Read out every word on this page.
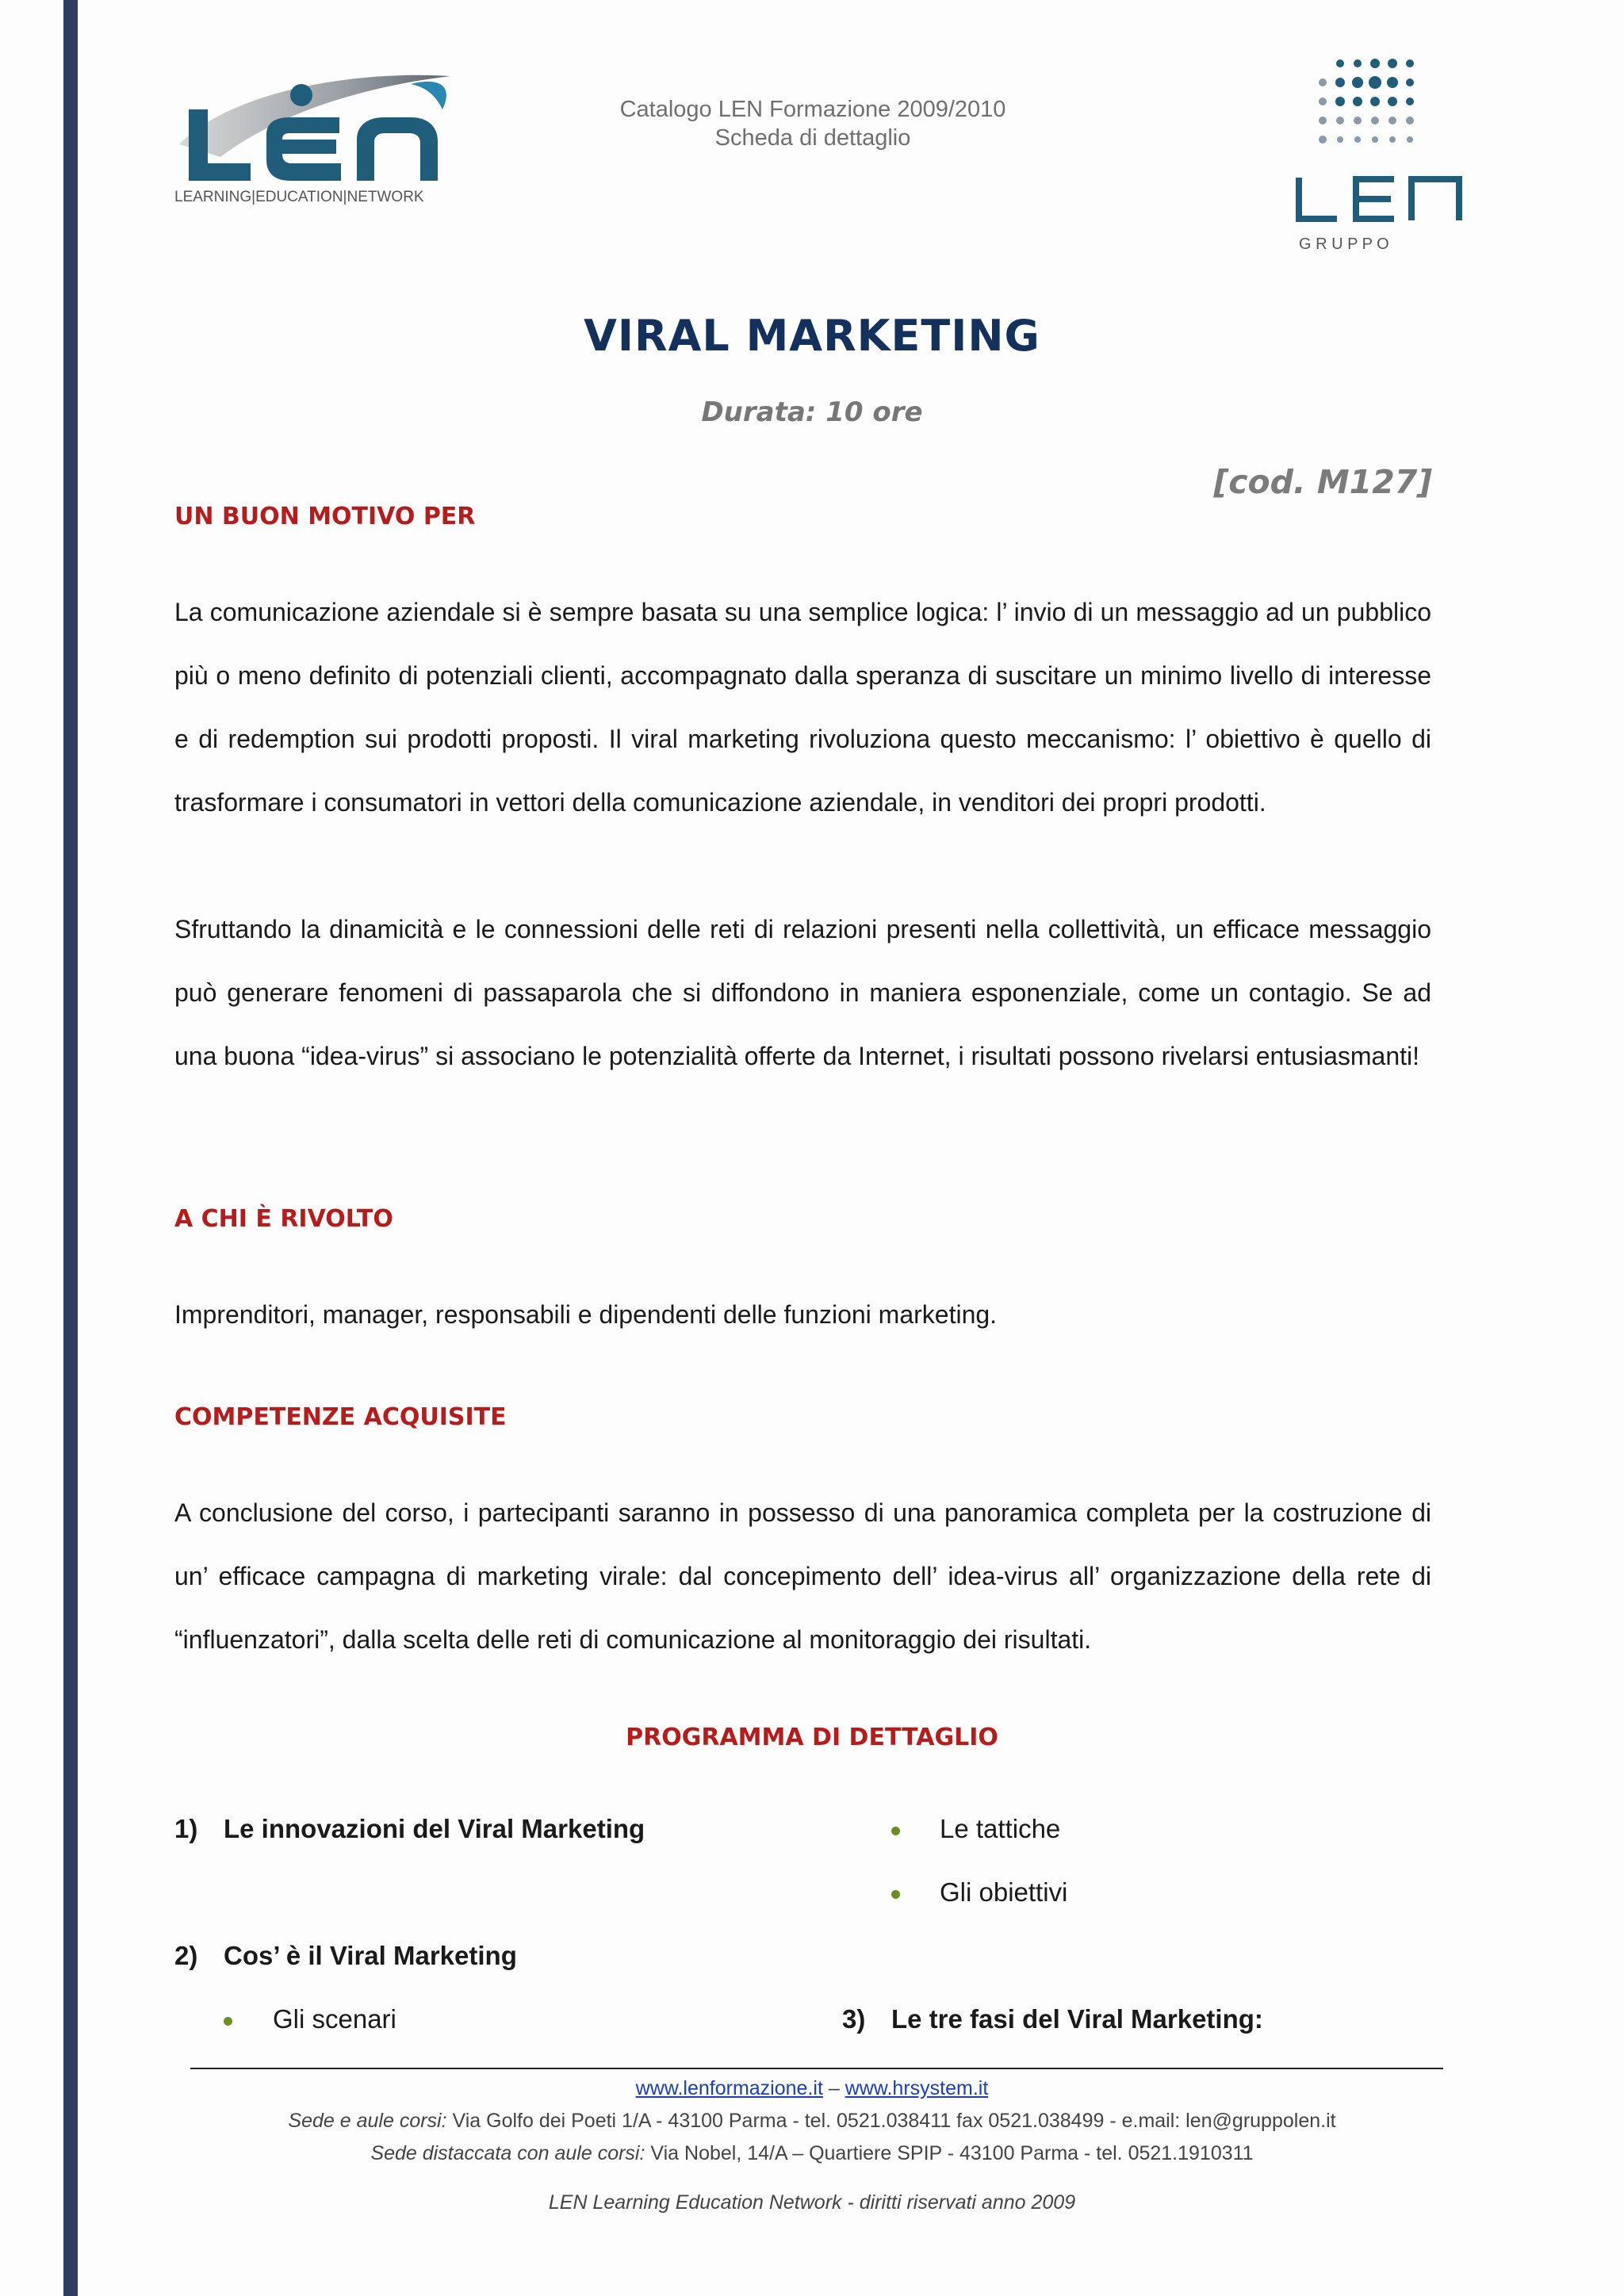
LEARNING|EDUCATION|NETWORK
Catalogo LEN Formazione 2009/2010
Scheda di dettaglio
G R U P P O
VIRAL MARKETING
Durata: 10 ore
[cod. M127]
UN BUON MOTIVO PER

La comunicazione aziendale si è sempre basata su una semplice logica: l’ invio di un messaggio ad un pubblico più o meno definito di potenziali clienti, accompagnato dalla speranza di suscitare un minimo livello di interesse e di redemption sui prodotti proposti. Il viral marketing rivoluziona questo meccanismo: l’ obiettivo è quello di trasformare i consumatori in vettori della comunicazione aziendale, in venditori dei propri prodotti.

Sfruttando la dinamicità e le connessioni delle reti di relazioni presenti nella collettività, un efficace messaggio può generare fenomeni di passaparola che si diffondono in maniera esponenziale, come un contagio. Se ad una buona “idea-virus” si associano le potenzialità offerte da Internet, i risultati possono rivelarsi entusiasmanti!

A CHI È RIVOLTO

Imprenditori, manager, responsabili e dipendenti delle funzioni marketing.

COMPETENZE ACQUISITE

A conclusione del corso, i partecipanti saranno in possesso di una panoramica completa per la costruzione di un’ efficace campagna di marketing virale: dal concepimento dell’ idea-virus all’ organizzazione della rete di “influenzatori”, dalla scelta delle reti di comunicazione al monitoraggio dei risultati.

PROGRAMMA DI DETTAGLIO
1) Le innovazioni del Viral Marketing
2) Cos’ è il Viral Marketing
Gli scenari
Le tattiche
Gli obiettivi
3) Le tre fasi del Viral Marketing:
www.lenformazione.it – www.hrsystem.it
Sede e aule corsi: Via Golfo dei Poeti 1/A - 43100 Parma - tel. 0521.038411 fax 0521.038499 - e.mail: len@gruppolen.it
Sede distaccata con aule corsi: Via Nobel, 14/A – Quartiere SPIP - 43100 Parma - tel. 0521.1910311
LEN Learning Education Network - diritti riservati anno 2009
